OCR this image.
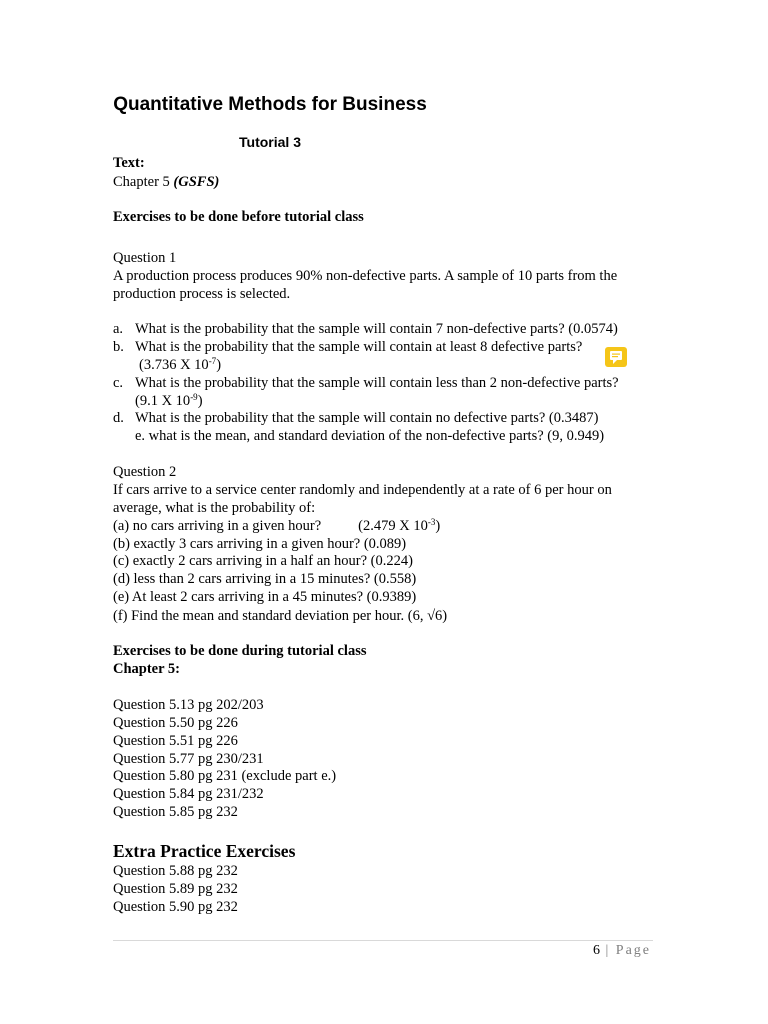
Quantitative Methods for Business
Tutorial 3
Text:
Chapter 5 (GSFS)
Exercises to be done before tutorial class
Question 1
A production process produces 90% non-defective parts. A sample of 10 parts from the
production process is selected.
a. What is the probability that the sample will contain 7 non-defective parts? (0.0574)
b. What is the probability that the sample will contain at least 8 defective parts?
(3.736 X $10^{-7}$)
c. What is the probability that the sample will contain less than 2 non-defective parts?
(9.1 X $10^{-9}$)
d. What is the probability that the sample will contain no defective parts? (0.3487)
e. what is the mean, and standard deviation of the non-defective parts? (9, 0.949)
Question 2
If cars arrive to a service center randomly and independently at a rate of 6 per hour on
average, what is the probability of:
(a) no cars arriving in a given hour?	(2.479 X $10^{-3}$)
(b) exactly 3 cars arriving in a given hour? (0.089)
(c) exactly 2 cars arriving in a half an hour? (0.224)
(d) less than 2 cars arriving in a 15 minutes? (0.558)
(e) At least 2 cars arriving in a 45 minutes? (0.9389)
(f) Find the mean and standard deviation per hour. (6, √6)
Exercises to be done during tutorial class
Chapter 5:
Question 5.13 pg 202/203
Question 5.50 pg 226
Question 5.51 pg 226
Question 5.77 pg 230/231
Question 5.80 pg 231 (exclude part e.)
Question 5.84 pg 231/232
Question 5.85 pg 232
Extra Practice Exercises
Question 5.88 pg 232
Question 5.89 pg 232
Question 5.90 pg 232
6 | Page
